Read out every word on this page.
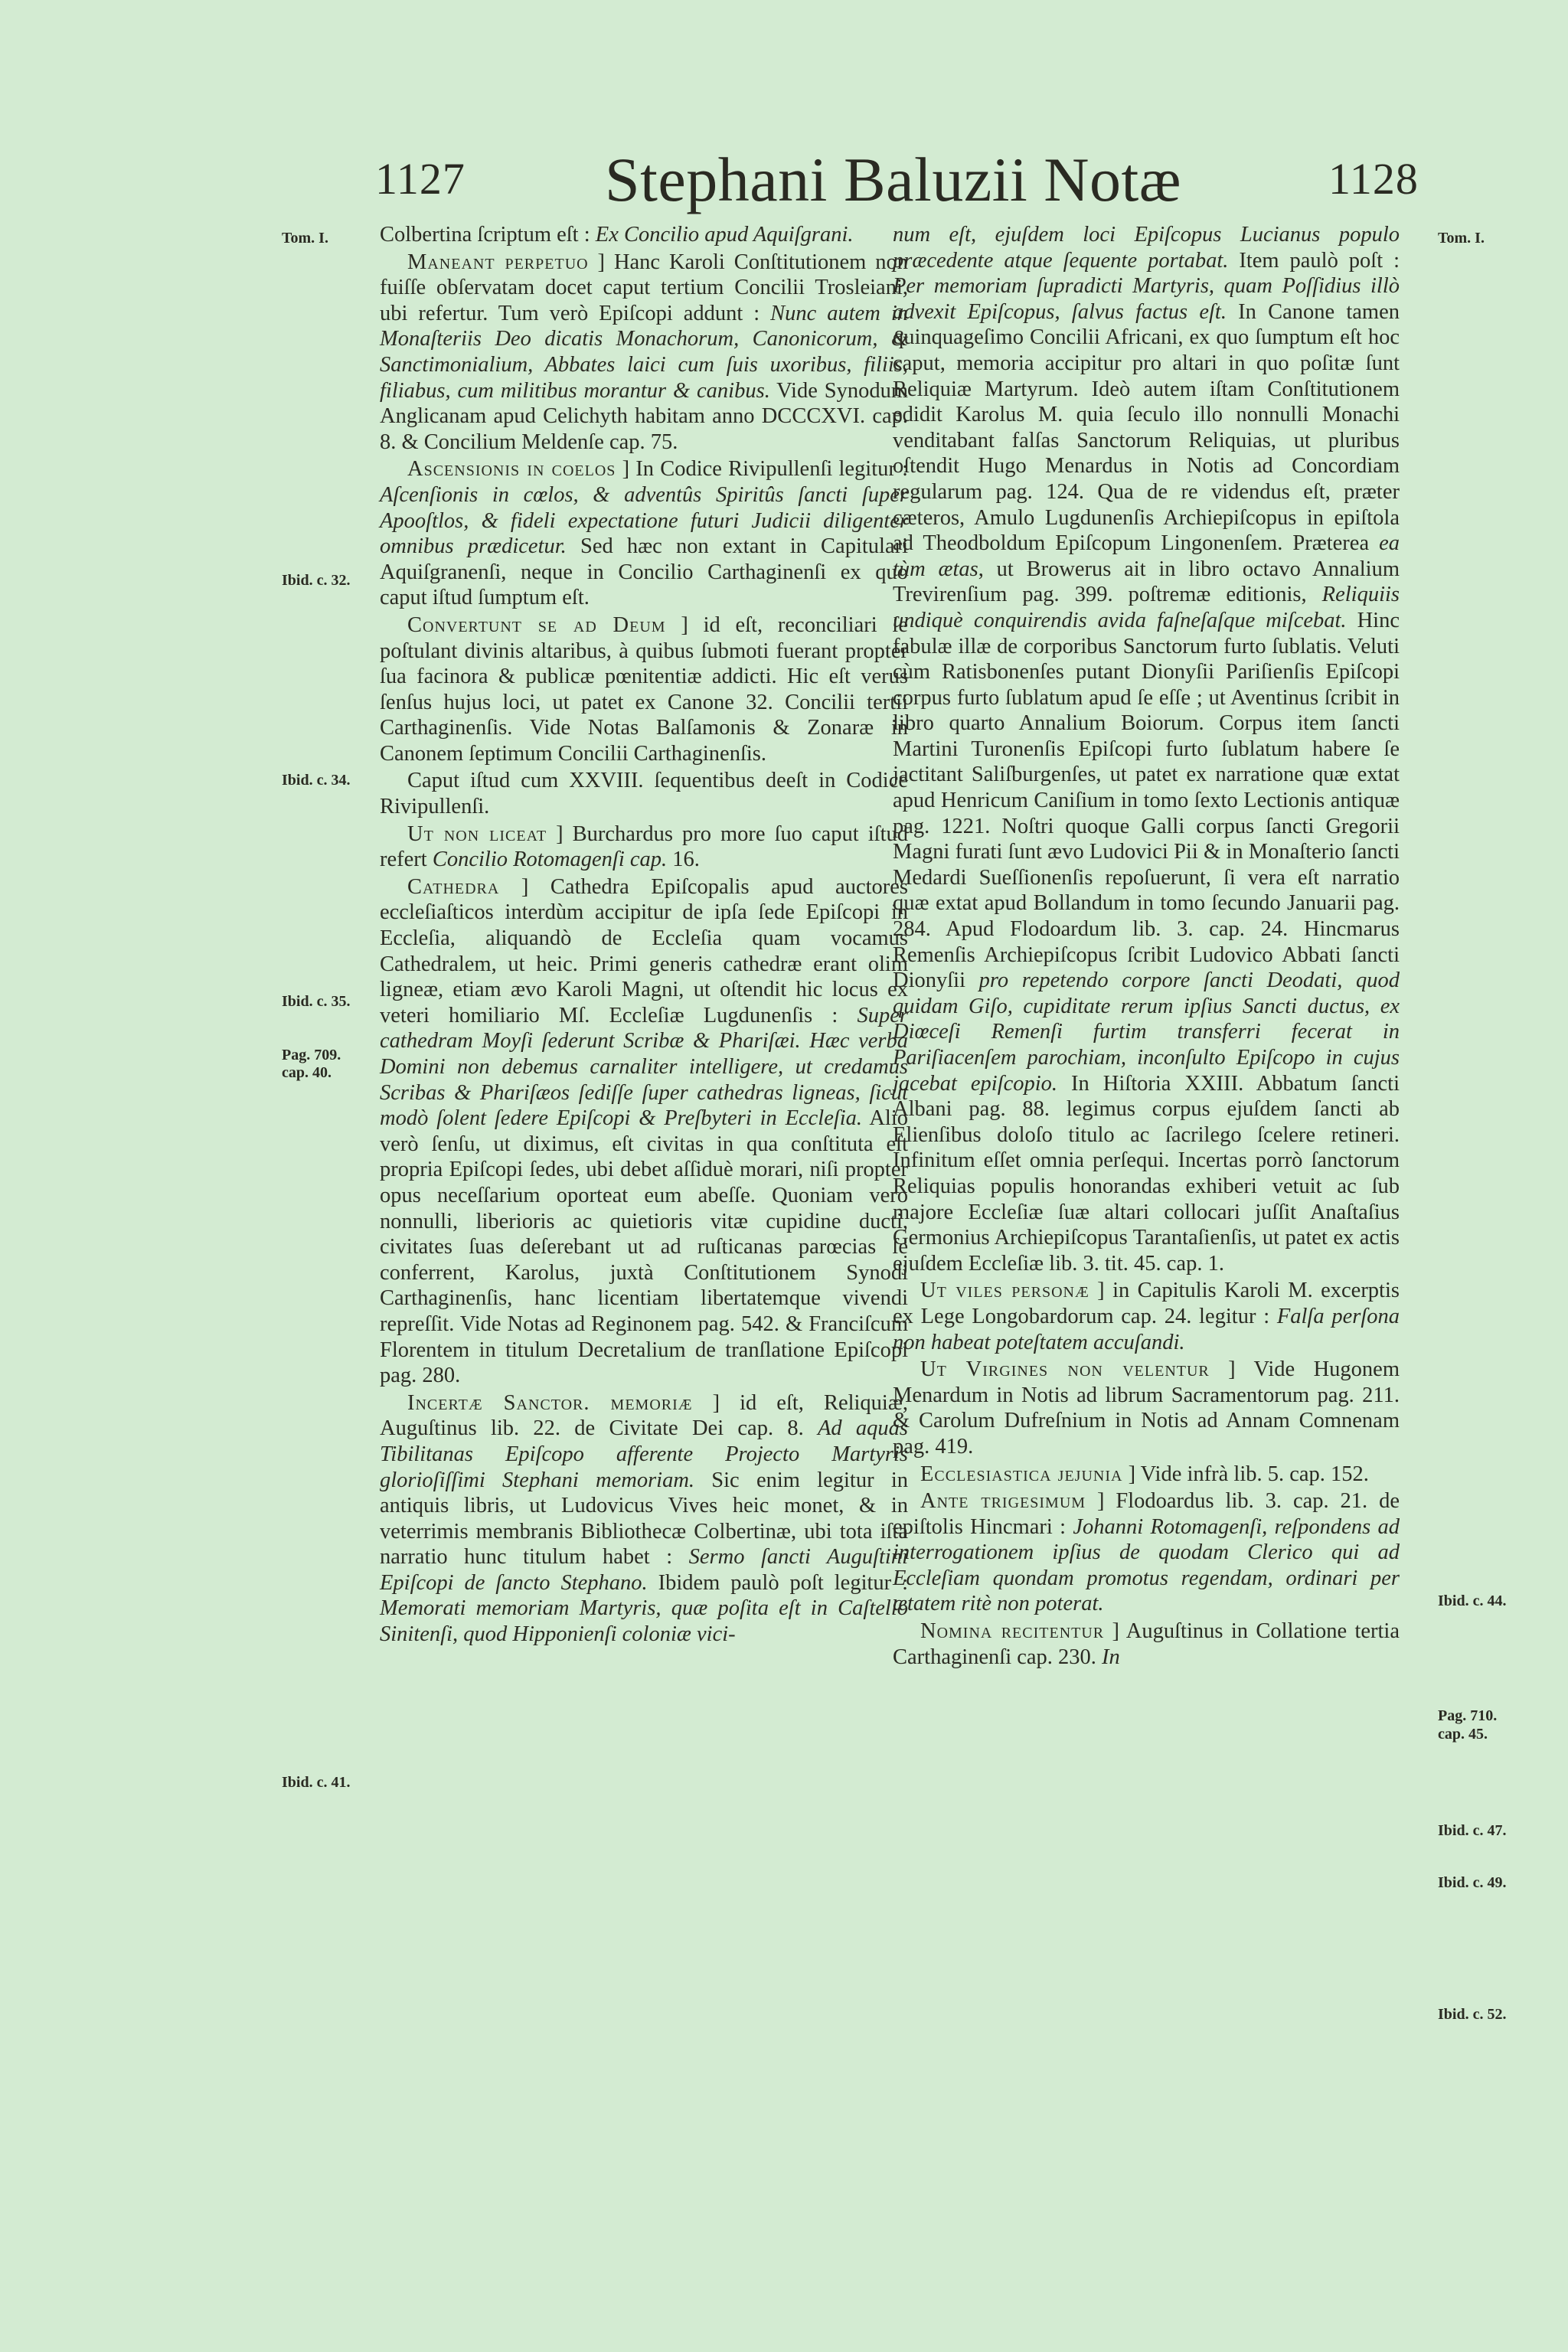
1127 Stephani Baluzii Notæ	1128
Tom. I.
Ibid. c. 32.
Ibid. c. 34.
Ibid. c. 35.
Pag. 709.
cap. 40.
Ibid. c. 41.
Tom. I.
Ibid. c. 44.
Pag. 710.
cap. 45.
Ibid. c. 47.
Ibid. c. 49.
Ibid. c. 52.

Colbertina ſcriptum eſt : Ex Concilio apud Aquiſgrani.

Maneant perpetuo ] Hanc Karoli Conſtitutionem non fuiſſe obſervatam docet caput tertium Concilii Trosleiani, ubi refertur. Tum verò Epiſcopi addunt : Nunc autem in Monaſteriis Deo dicatis Monachorum, Canonicorum, & Sanctimonialium, Abbates laici cum ſuis uxoribus, filiis, filiabus, cum militibus morantur & canibus. Vide Synodum Anglicanam apud Celichyth habitam anno DCCCXVI. cap. 8. & Concilium Meldenſe cap. 75.

Ascensionis in coelos ] In Codice Rivipullenſi legitur : Aſcenſionis in cœlos, & adventûs Spiritûs ſancti ſuper Apooſtlos, & fideli expectatione futuri Judicii diligenter omnibus prædicetur. Sed hæc non extant in Capitulari Aquiſgranenſi, neque in Concilio Carthaginenſi ex quo caput iſtud ſumptum eſt.

Convertunt se ad Deum ] id eſt, reconciliari ſe poſtulant divinis altaribus, à quibus ſubmoti fuerant propter ſua facinora & publicæ pœnitentiæ addicti. Hic eſt verus ſenſus hujus loci, ut patet ex Canone 32. Concilii tertii Carthaginenſis. Vide Notas Balſamonis & Zonaræ in Canonem ſeptimum Concilii Carthaginenſis.

Caput iſtud cum XXVIII. ſequentibus deeſt in Codice Rivipullenſi.

Ut non liceat ] Burchardus pro more ſuo caput iſtud refert Concilio Rotomagenſi cap. 16.

Cathedra ] Cathedra Epiſcopalis apud auctores eccleſiaſticos interdùm accipitur de ipſa ſede Epiſcopi in Eccleſia, aliquandò de Eccleſia quam vocamus Cathedralem, ut heic. Primi generis cathedræ erant olim ligneæ, etiam ævo Karoli Magni, ut oſtendit hic locus ex veteri homiliario Mſ. Eccleſiæ Lugdunenſis : Super cathedram Moyſi ſederunt Scribæ & Phariſæi. Hæc verba Domini non debemus carnaliter intelligere, ut credamus Scribas & Phariſæos ſediſſe ſuper cathedras ligneas, ſicut modò ſolent ſedere Epiſcopi & Preſbyteri in Eccleſia. Alio verò ſenſu, ut diximus, eſt civitas in qua conſtituta eſt propria Epiſcopi ſedes, ubi debet aſſiduè morari, niſi propter opus neceſſarium oporteat eum abeſſe. Quoniam verò nonnulli, liberioris ac quietioris vitæ cupidine ducti, civitates ſuas deſerebant ut ad ruſticanas parœcias ſe conferrent, Karolus, juxtà Conſtitutionem Synodi Carthaginenſis, hanc licentiam libertatemque vivendi repreſſit. Vide Notas ad Reginonem pag. 542. & Franciſcum Florentem in titulum Decretalium de tranſlatione Epiſcopi pag. 280.

Incertæ Sanctor. memoriæ ] id eſt, Reliquiæ, Auguſtinus lib. 22. de Civitate Dei cap. 8. Ad aquas Tibilitanas Epiſcopo afferente Projecto Martyris glorioſiſſimi Stephani memoriam. Sic enim legitur in antiquis libris, ut Ludovicus Vives heic monet, & in veterrimis membranis Bibliothecæ Colbertinæ, ubi tota iſta narratio hunc titulum habet : Sermo ſancti Auguſtini Epiſcopi de ſancto Stephano. Ibidem paulò poſt legitur : Memorati memoriam Martyris, quæ poſita eſt in Caſtello Sinitenſi, quod Hipponienſi coloniæ vici-

num eſt, ejuſdem loci Epiſcopus Lucianus populo præcedente atque ſequente portabat. Item paulò poſt : Per memoriam ſupradicti Martyris, quam Poſſidius illò advexit Epiſcopus, ſalvus factus eſt. In Canone tamen quinquageſimo Concilii Africani, ex quo ſumptum eſt hoc caput, memoria accipitur pro altari in quo poſitæ ſunt Reliquiæ Martyrum. Ideò autem iſtam Conſtitutionem edidit Karolus M. quia ſeculo illo nonnulli Monachi venditabant falſas Sanctorum Reliquias, ut pluribus oſtendit Hugo Menardus in Notis ad Concordiam regularum pag. 124. Qua de re videndus eſt, præter cæteros, Amulo Lugdunenſis Archiepiſcopus in epiſtola ad Theodboldum Epiſcopum Lingonenſem. Præterea ea tùm ætas, ut Browerus ait in libro octavo Annalium Trevirenſium pag. 399. poſtremæ editionis, Reliquiis undiquè conquirendis avida faſneſaſque miſcebat. Hinc fabulæ illæ de corporibus Sanctorum furto ſublatis. Veluti cùm Ratisbonenſes putant Dionyſii Pariſienſis Epiſcopi corpus furto ſublatum apud ſe eſſe ; ut Aventinus ſcribit in libro quarto Annalium Boiorum. Corpus item ſancti Martini Turonenſis Epiſcopi furto ſublatum habere ſe jactitant Saliſburgenſes, ut patet ex narratione quæ extat apud Henricum Caniſium in tomo ſexto Lectionis antiquæ pag. 1221. Noſtri quoque Galli corpus ſancti Gregorii Magni furati ſunt ævo Ludovici Pii & in Monaſterio ſancti Medardi Sueſſionenſis repoſuerunt, ſi vera eſt narratio quæ extat apud Bollandum in tomo ſecundo Januarii pag. 284. Apud Flodoardum lib. 3. cap. 24. Hincmarus Remenſis Archiepiſcopus ſcribit Ludovico Abbati ſancti Dionyſii pro repetendo corpore ſancti Deodati, quod quidam Giſo, cupiditate rerum ipſius Sancti ductus, ex Diœceſi Remenſi furtim transferri fecerat in Pariſiacenſem parochiam, inconſulto Epiſcopo in cujus jacebat epiſcopio. In Hiſtoria XXIII. Abbatum ſancti Albani pag. 88. legimus corpus ejuſdem ſancti ab Elienſibus doloſo titulo ac ſacrilego ſcelere retineri. Infinitum eſſet omnia perſequi. Incertas porrò ſanctorum Reliquias populis honorandas exhiberi vetuit ac ſub majore Eccleſiæ ſuæ altari collocari juſſit Anaſtaſius Germonius Archiepiſcopus Tarantaſienſis, ut patet ex actis ejuſdem Eccleſiæ lib. 3. tit. 45. cap. 1.

Ut viles personæ ] in Capitulis Karoli M. excerptis ex Lege Longobardorum cap. 24. legitur : Falſa perſona non habeat poteſtatem accuſandi.

Ut Virgines non velentur ] Vide Hugonem Menardum in Notis ad librum Sacramentorum pag. 211. & Carolum Dufreſnium in Notis ad Annam Comnenam pag. 419.

Ecclesiastica jejunia ] Vide infrà lib. 5. cap. 152.

Ante trigesimum ] Flodoardus lib. 3. cap. 21. de epiſtolis Hincmari : Johanni Rotomagenſi, reſpondens ad interrogationem ipſius de quodam Clerico qui ad Eccleſiam quondam promotus regendam, ordinari per ætatem ritè non poterat.

Nomina recitentur ] Auguſtinus in Collatione tertia Carthaginenſi cap. 230. In
